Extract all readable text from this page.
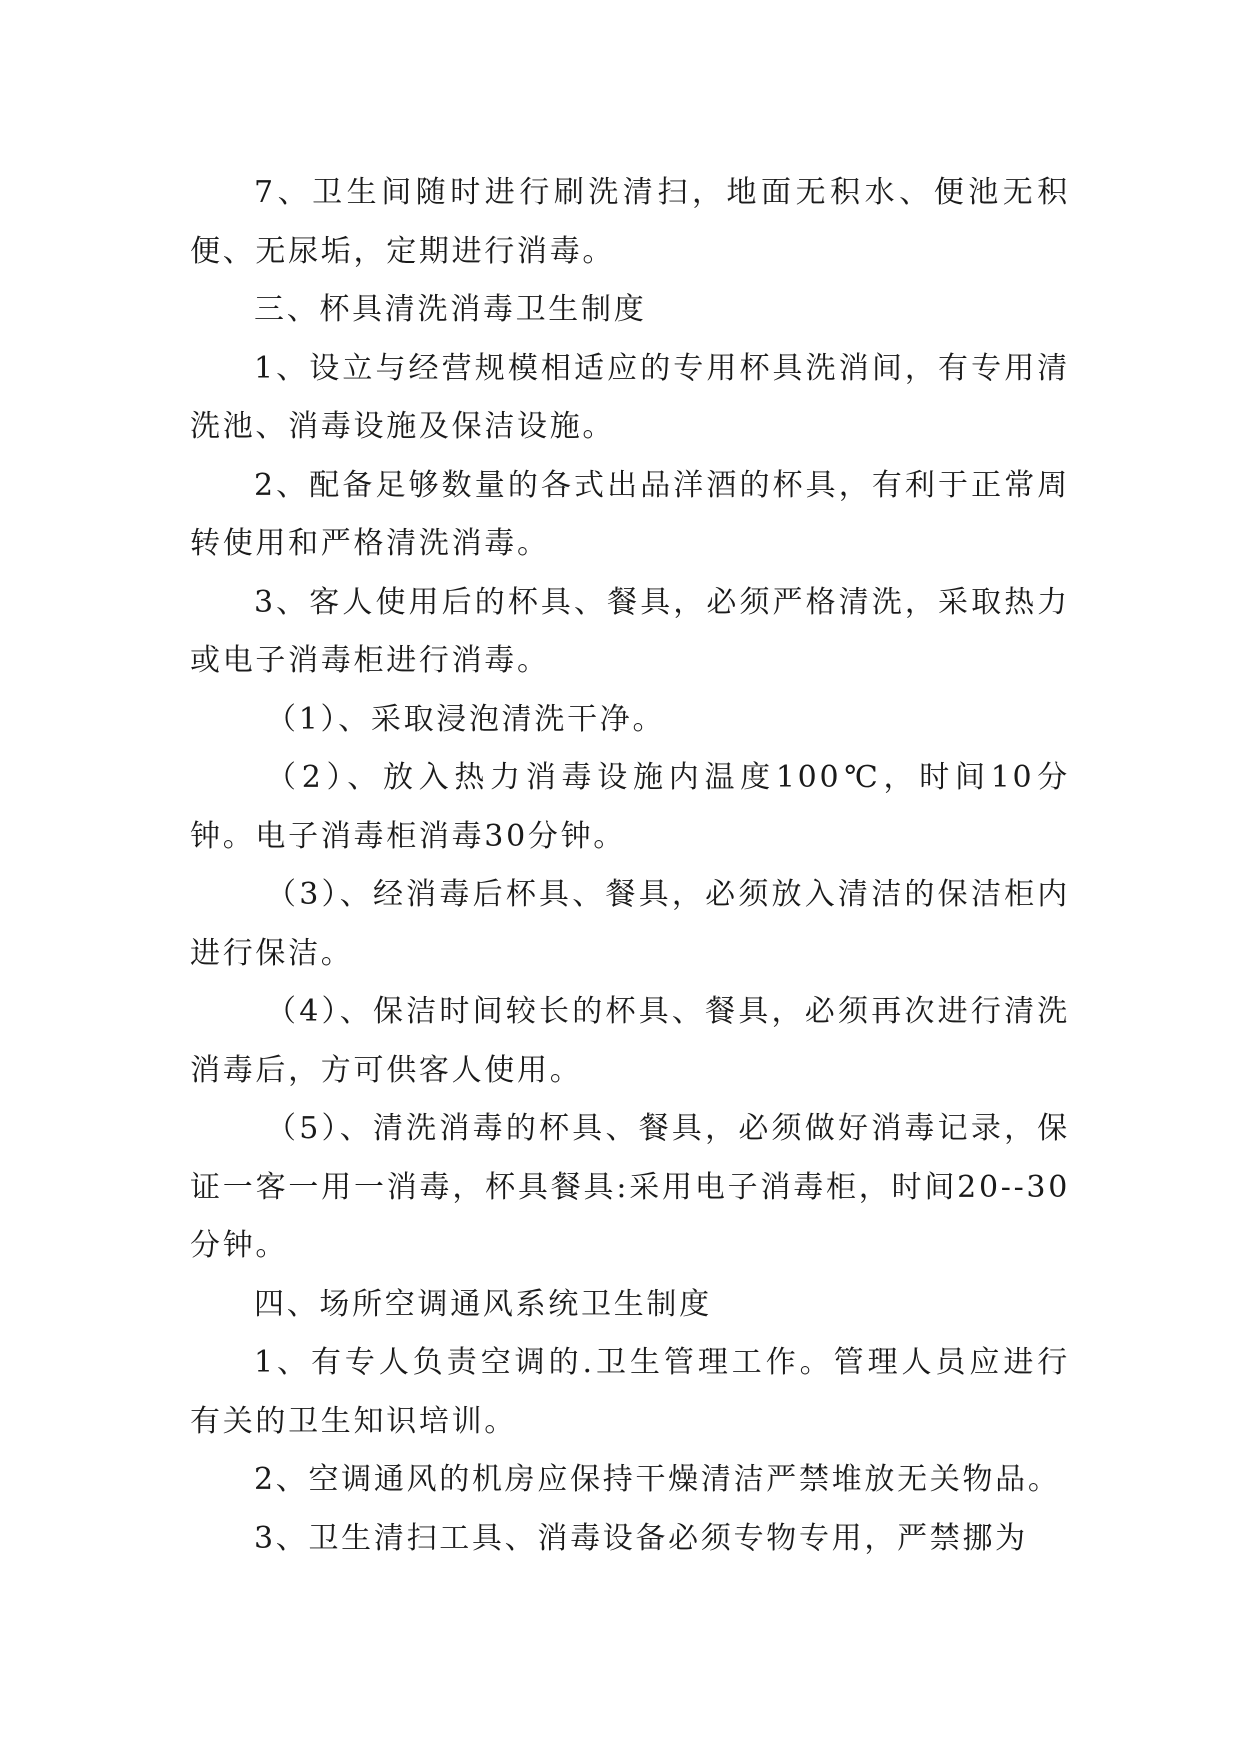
7、卫生间随时进行刷洗清扫，地面无积水、便池无积便、无尿垢，定期进行消毒。

三、杯具清洗消毒卫生制度

1、设立与经营规模相适应的专用杯具洗消间，有专用清洗池、消毒设施及保洁设施。

2、配备足够数量的各式出品洋酒的杯具，有利于正常周转使用和严格清洗消毒。

3、客人使用后的杯具、餐具，必须严格清洗，采取热力或电子消毒柜进行消毒。

（1）、采取浸泡清洗干净。

（2）、放入热力消毒设施内温度100℃，时间10分钟。电子消毒柜消毒30分钟。

（3）、经消毒后杯具、餐具，必须放入清洁的保洁柜内进行保洁。

（4）、保洁时间较长的杯具、餐具，必须再次进行清洗消毒后，方可供客人使用。

（5）、清洗消毒的杯具、餐具，必须做好消毒记录，保证一客一用一消毒，杯具餐具:采用电子消毒柜，时间20--30分钟。

四、场所空调通风系统卫生制度

1、有专人负责空调的.卫生管理工作。管理人员应进行有关的卫生知识培训。

2、空调通风的机房应保持干燥清洁严禁堆放无关物品。

3、卫生清扫工具、消毒设备必须专物专用，严禁挪为
